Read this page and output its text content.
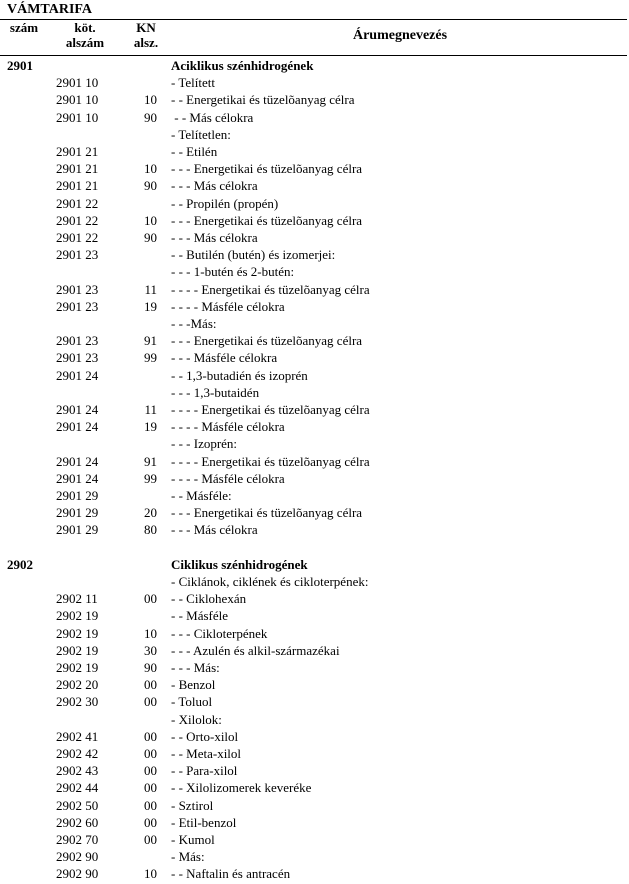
VÁMTARIFA
szám	köt.
alszám
KN
alsz.	Árumegnevezés
2901	Aciklikus szénhidrogének
2901 10	- Telített
2901 10	10 - - Energetikai és tüzelõanyag célra
2901 10	90 - - Más célokra
- Telítetlen:
2901 21	- - Etilén
2901 21	10 - - - Energetikai és tüzelõanyag célra
2901 21	90 - - - Más célokra
2901 22	- - Propilén (propén)
2901 22	10 - - - Energetikai és tüzelõanyag célra
2901 22	90 - - - Más célokra
2901 23	- - Butilén (butén) és izomerjei:
- - - 1-butén és 2-butén:
2901 23	11 - - - - Energetikai és tüzelõanyag célra
2901 23	19 - - - - Másféle célokra
- - -Más:
2901 23	91 - - - Energetikai és tüzelõanyag célra
2901 23	99 - - - Másféle célokra
2901 24	- - 1,3-butadién és izoprén
- - - 1,3-butaidén
2901 24	11 - - - - Energetikai és tüzelõanyag célra
2901 24	19 - - - - Másféle célokra
- - - Izoprén:
2901 24	91 - - - - Energetikai és tüzelõanyag célra
2901 24	99 - - - - Másféle célokra
2901 29	- - Másféle:
2901 29	20 - - - Energetikai és tüzelõanyag célra
2901 29	80 - - - Más célokra
2902	Ciklikus szénhidrogének
- Ciklánok, ciklének és cikloterpének:
2902 11	00 - - Ciklohexán
2902 19	- - Másféle
2902 19	10 - - - Cikloterpének
2902 19	30 - - - Azulén és alkil-származékai
2902 19	90 - - - Más:
2902 20	00 - Benzol
2902 30	00 - Toluol
- Xilolok:
2902 41	00 - - Orto-xilol
2902 42	00 - - Meta-xilol
2902 43	00 - - Para-xilol
2902 44	00 - - Xilolizomerek keveréke
2902 50	00 - Sztirol
2902 60	00 - Etil-benzol
2902 70	00 - Kumol
2902 90	- Más:
2902 90	10 - - Naftalin és antracén
